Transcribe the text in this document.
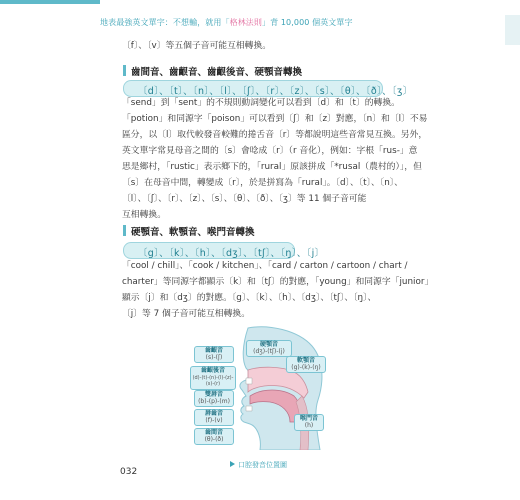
地表最強英文單字：不想輸，就用「格林法則」背 10,000 個英文單字
〔f〕、〔v〕等五個子音可能互相轉換。
齒間音、齒齦音、齒齦後音、硬顎音轉換
〔d〕、〔t〕、〔n〕、〔l〕、〔ʃ〕、〔r〕、〔z〕、〔s〕、〔θ〕、〔ð〕、〔ʒ〕

「send」到「sent」的不規則動詞變化可以看到〔d〕和〔t〕的轉換。

「potion」和同源字「poison」可以看到〔ʃ〕和〔z〕對應，〔n〕和〔l〕不易

區分，以〔l〕取代較發音較難的捲舌音〔r〕等都說明這些音常見互換。另外，

英文單字常見母音之間的〔s〕會唸成〔r〕（r 音化），例如：字根「rus-」意

思是鄉村，「rustic」表示鄉下的，「rural」原該拼成「*rusal（農村的）」，但

〔s〕在母音中間，轉變成〔r〕，於是拼寫為「rural」。〔d〕、〔t〕、〔n〕、

〔l〕、〔ʃ〕、〔r〕、〔z〕、〔s〕、〔θ〕、〔ð〕、〔ʒ〕等 11 個子音可能

互相轉換。

硬顎音、軟顎音、喉門音轉換
〔g〕、〔k〕、〔h〕、〔dʒ〕、〔tʃ〕、〔ŋ〕、〔j〕

「cool / chill」、「cook / kitchen」、「card / carton / cartoon / chart /

charter」等同源字都顯示〔k〕和〔tʃ〕的對應，「young」和同源字「junior」

顯示〔j〕和〔dʒ〕的對應。〔g〕、〔k〕、〔h〕、〔dʒ〕、〔tʃ〕、〔ŋ〕、

〔j〕等 7 個子音可能互相轉換。

齒齦音
(s)-(ʃ)
齒齦後音
(d)-(t)-(n)-(l)-(z)-(s)-(r)
雙唇音
(b)-(p)-(m)
唇齒音
(f)-(v)
齒間音
(θ)-(ð)
硬顎音
(dʒ)-(tʃ)-(j)
軟顎音
(g)-(k)-(ŋ)
喉門音
(h)
口腔發音位置圖
032
